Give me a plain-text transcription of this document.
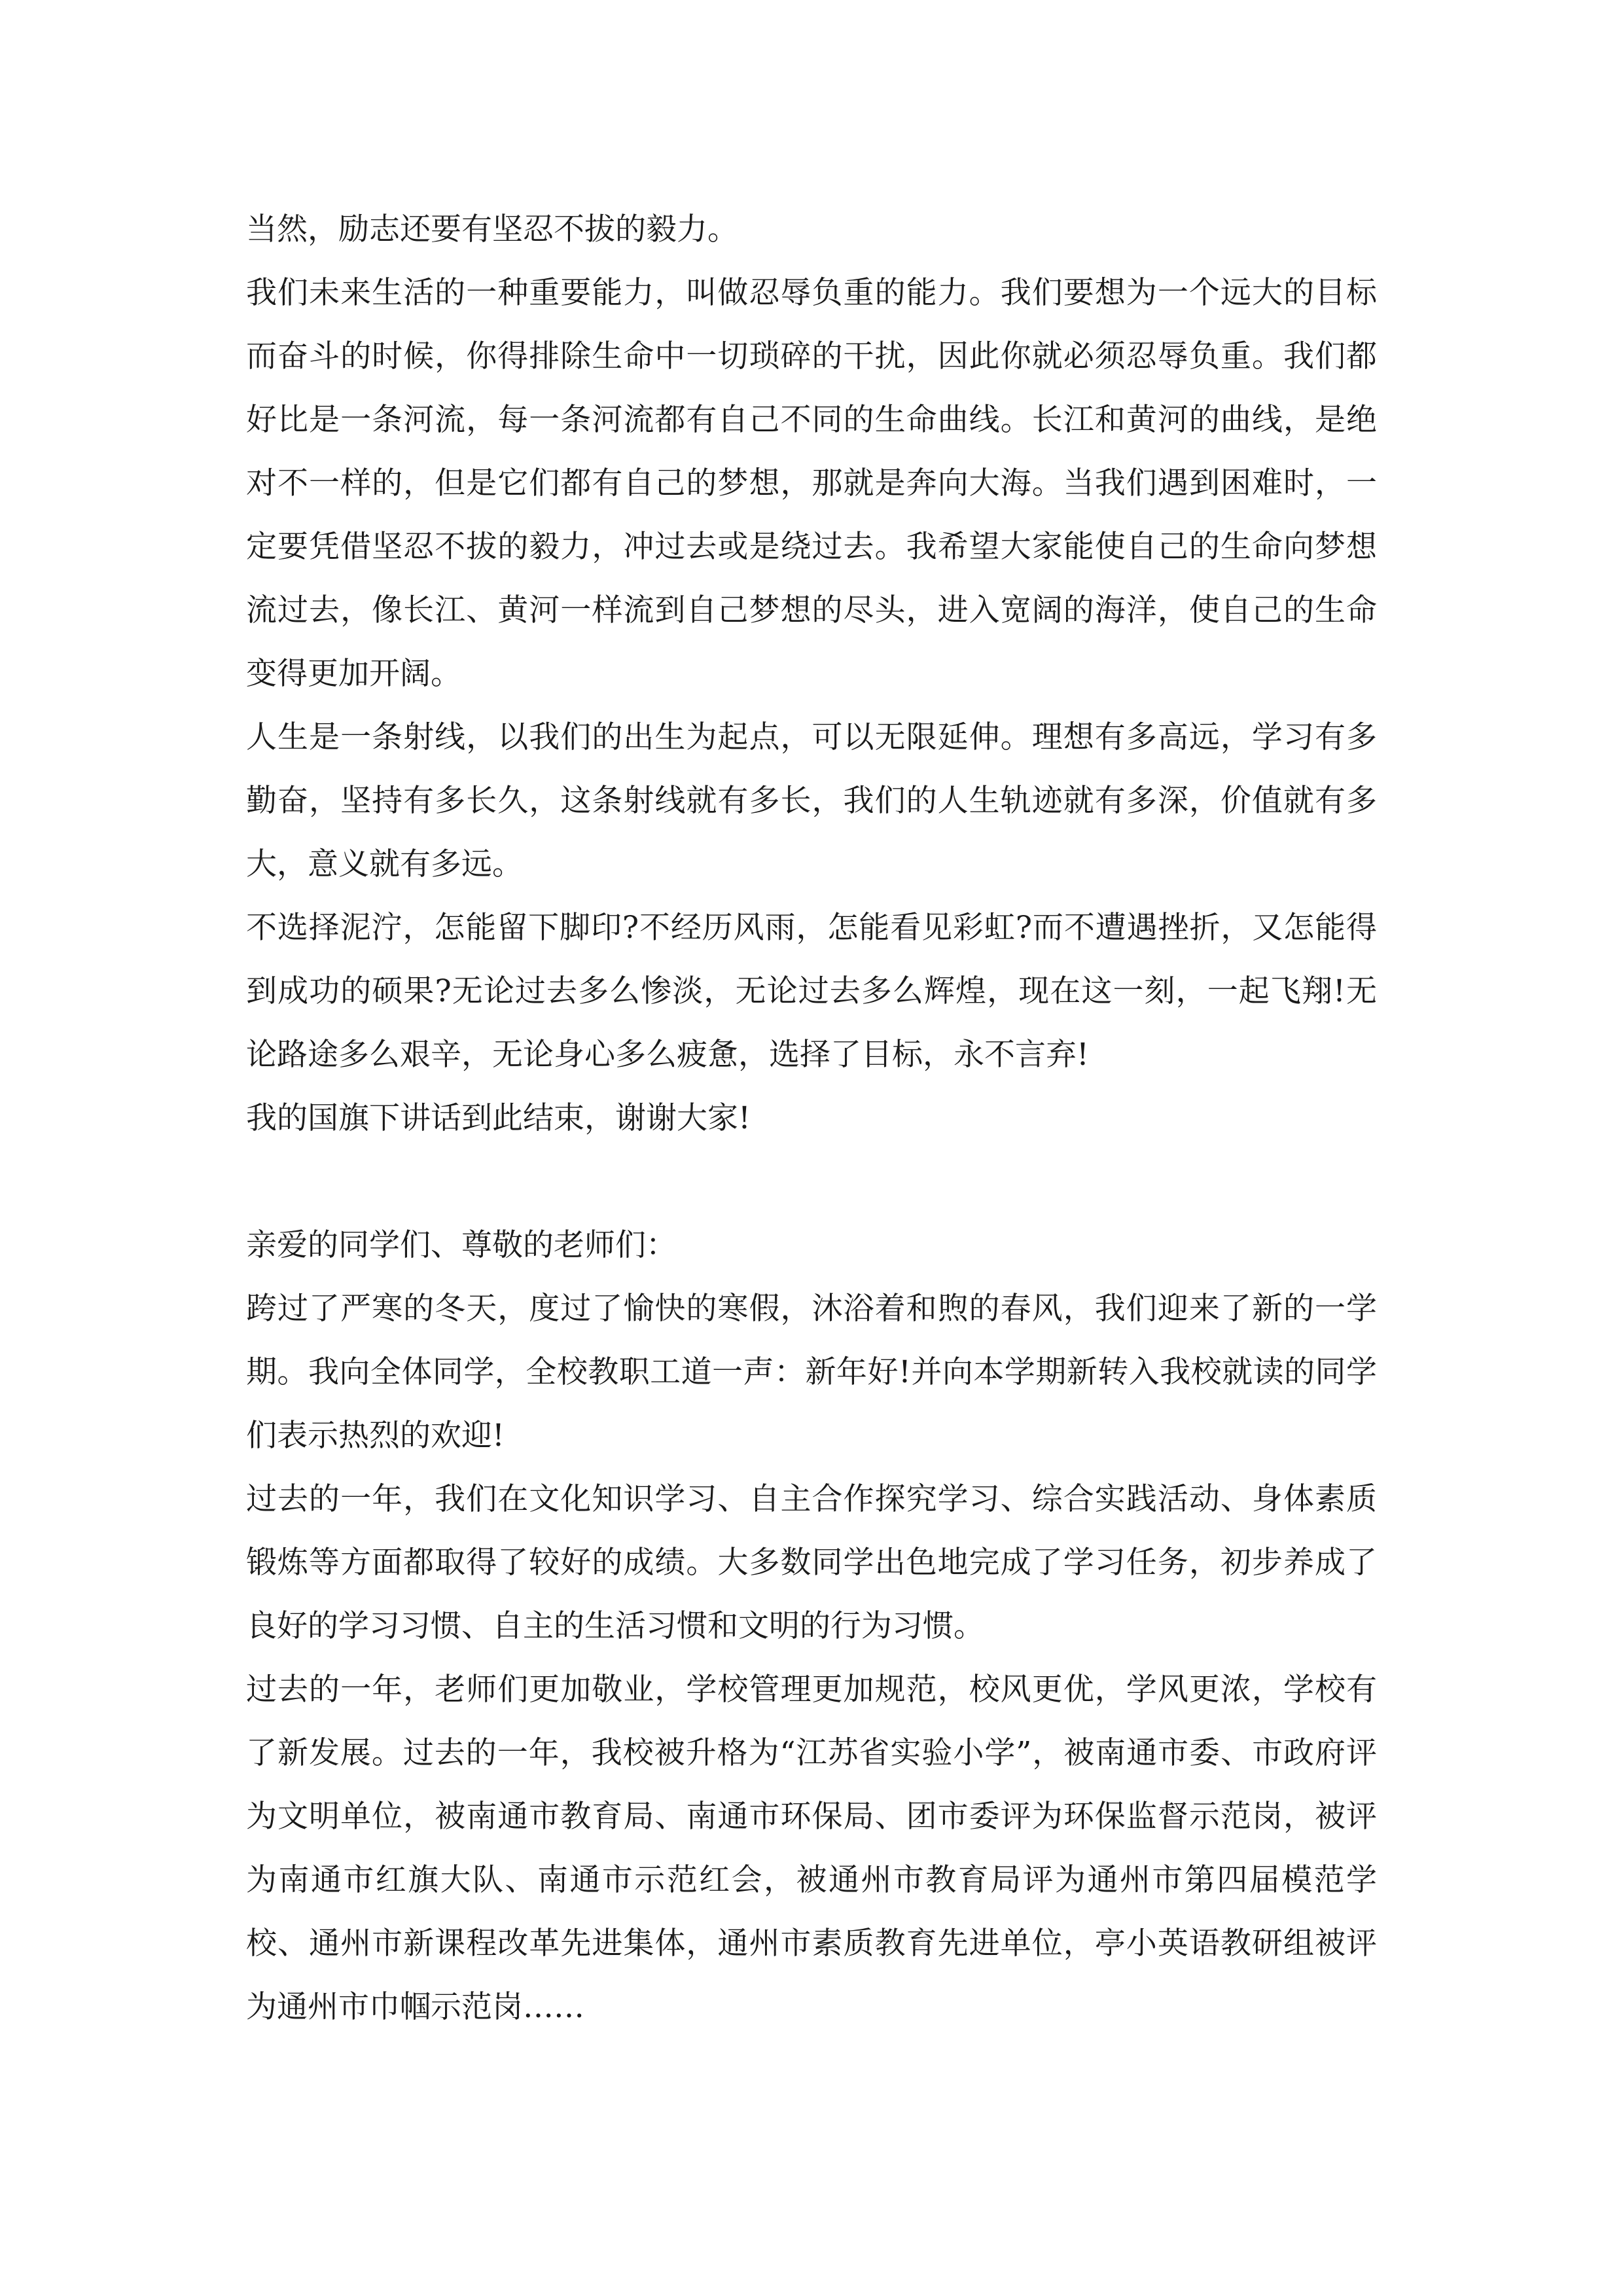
当然，励志还要有坚忍不拔的毅力。

我们未来生活的一种重要能力，叫做忍辱负重的能力。我们要想为一个远大的目标而奋斗的时候，你得排除生命中一切琐碎的干扰，因此你就必须忍辱负重。我们都好比是一条河流，每一条河流都有自己不同的生命曲线。长江和黄河的曲线，是绝对不一样的，但是它们都有自己的梦想，那就是奔向大海。当我们遇到困难时，一定要凭借坚忍不拔的毅力，冲过去或是绕过去。我希望大家能使自己的生命向梦想流过去，像长江、黄河一样流到自己梦想的尽头，进入宽阔的海洋，使自己的生命变得更加开阔。

人生是一条射线，以我们的出生为起点，可以无限延伸。理想有多高远，学习有多勤奋，坚持有多长久，这条射线就有多长，我们的人生轨迹就有多深，价值就有多大，意义就有多远。

不选择泥泞，怎能留下脚印?不经历风雨，怎能看见彩虹?而不遭遇挫折，又怎能得到成功的硕果?无论过去多么惨淡，无论过去多么辉煌，现在这一刻，一起飞翔!无论路途多么艰辛，无论身心多么疲惫，选择了目标，永不言弃!

我的国旗下讲话到此结束，谢谢大家!

亲爱的同学们、尊敬的老师们：

跨过了严寒的冬天，度过了愉快的寒假，沐浴着和煦的春风，我们迎来了新的一学期。我向全体同学，全校教职工道一声：新年好!并向本学期新转入我校就读的同学们表示热烈的欢迎!

过去的一年，我们在文化知识学习、自主合作探究学习、综合实践活动、身体素质锻炼等方面都取得了较好的成绩。大多数同学出色地完成了学习任务，初步养成了良好的学习习惯、自主的生活习惯和文明的行为习惯。

过去的一年，老师们更加敬业，学校管理更加规范，校风更优，学风更浓，学校有了新发展。过去的一年，我校被升格为“江苏省实验小学”，被南通市委、市政府评为文明单位，被南通市教育局、南通市环保局、团市委评为环保监督示范岗，被评为南通市红旗大队、南通市示范红会，被通州市教育局评为通州市第四届模范学校、通州市新课程改革先进集体，通州市素质教育先进单位，亭小英语教研组被评为通州市巾帼示范岗……
